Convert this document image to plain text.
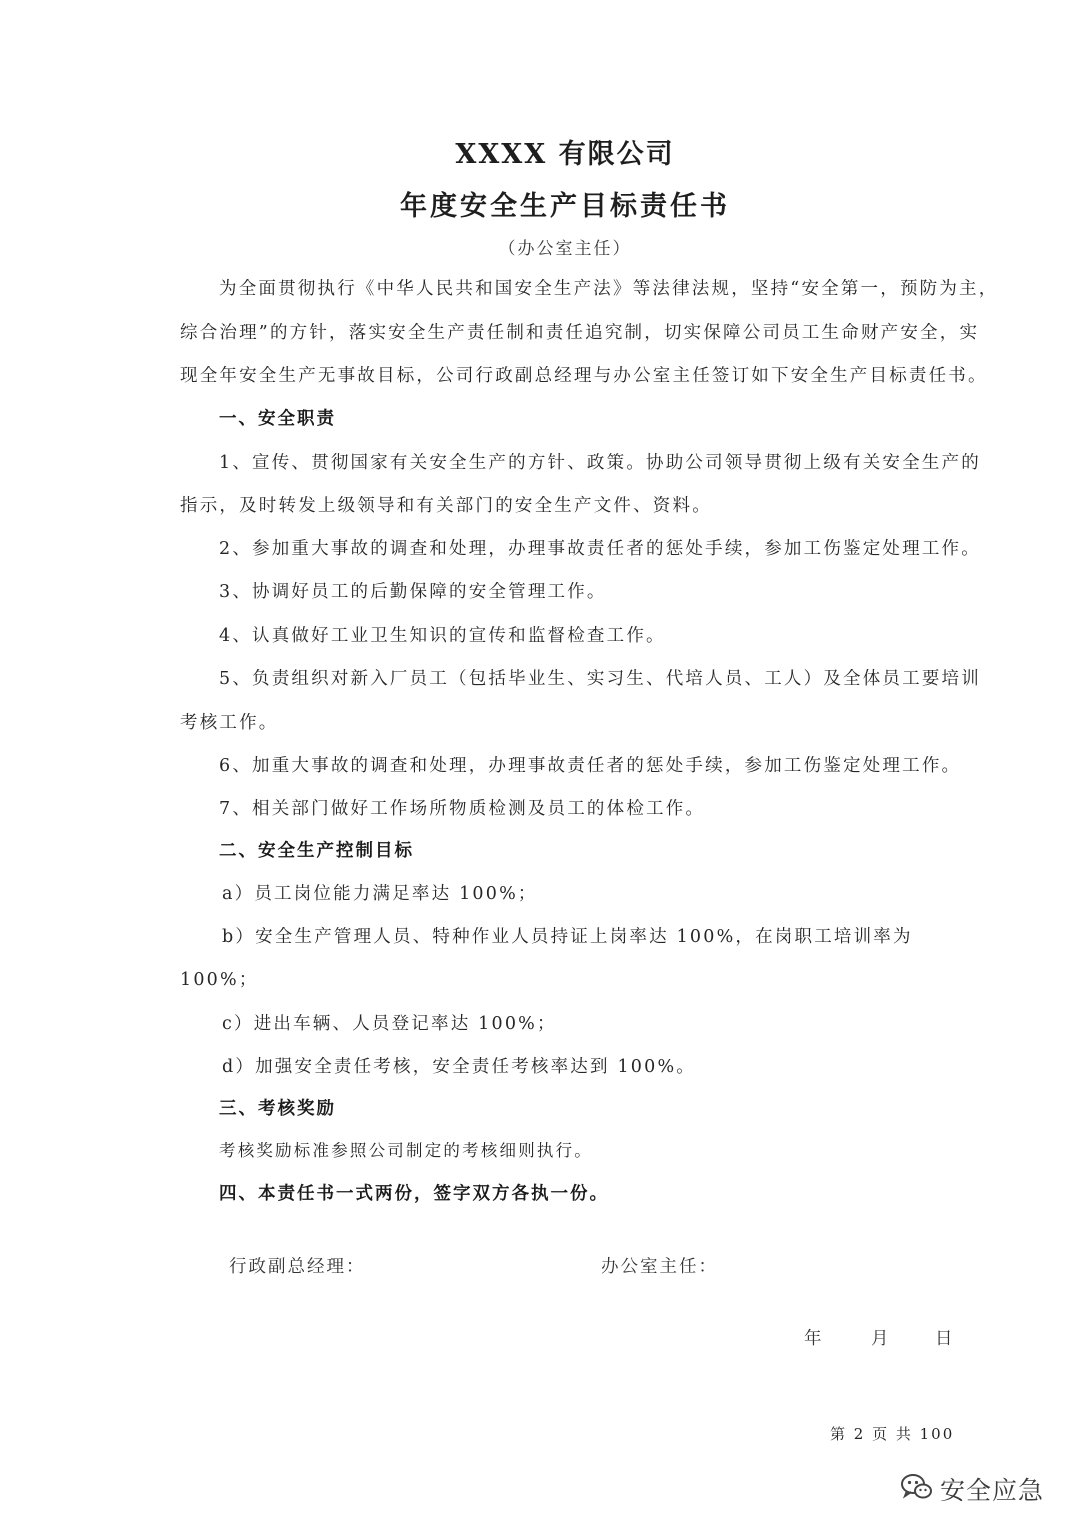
XXXX 有限公司
年度安全生产目标责任书
（办公室主任）
为全面贯彻执行《中华人民共和国安全生产法》等法律法规，坚持“安全第一，预防为主，
综合治理”的方针，落实安全生产责任制和责任追究制，切实保障公司员工生命财产安全，实
现全年安全生产无事故目标，公司行政副总经理与办公室主任签订如下安全生产目标责任书。
一、安全职责
1、宣传、贯彻国家有关安全生产的方针、政策。协助公司领导贯彻上级有关安全生产的
指示，及时转发上级领导和有关部门的安全生产文件、资料。
2、参加重大事故的调查和处理，办理事故责任者的惩处手续，参加工伤鉴定处理工作。
3、协调好员工的后勤保障的安全管理工作。
4、认真做好工业卫生知识的宣传和监督检查工作。
5、负责组织对新入厂员工（包括毕业生、实习生、代培人员、工人）及全体员工要培训
考核工作。
6、加重大事故的调查和处理，办理事故责任者的惩处手续，参加工伤鉴定处理工作。
7、相关部门做好工作场所物质检测及员工的体检工作。
二、安全生产控制目标
a）员工岗位能力满足率达 100%；
b）安全生产管理人员、特种作业人员持证上岗率达 100%，在岗职工培训率为
100%；
c）进出车辆、人员登记率达 100%；
d）加强安全责任考核，安全责任考核率达到 100%。
三、考核奖励
考核奖励标准参照公司制定的考核细则执行。
四、本责任书一式两份，签字双方各执一份。
行政副总经理：	办公室主任：
年	月	日
第 2 页 共 100
安全应急
